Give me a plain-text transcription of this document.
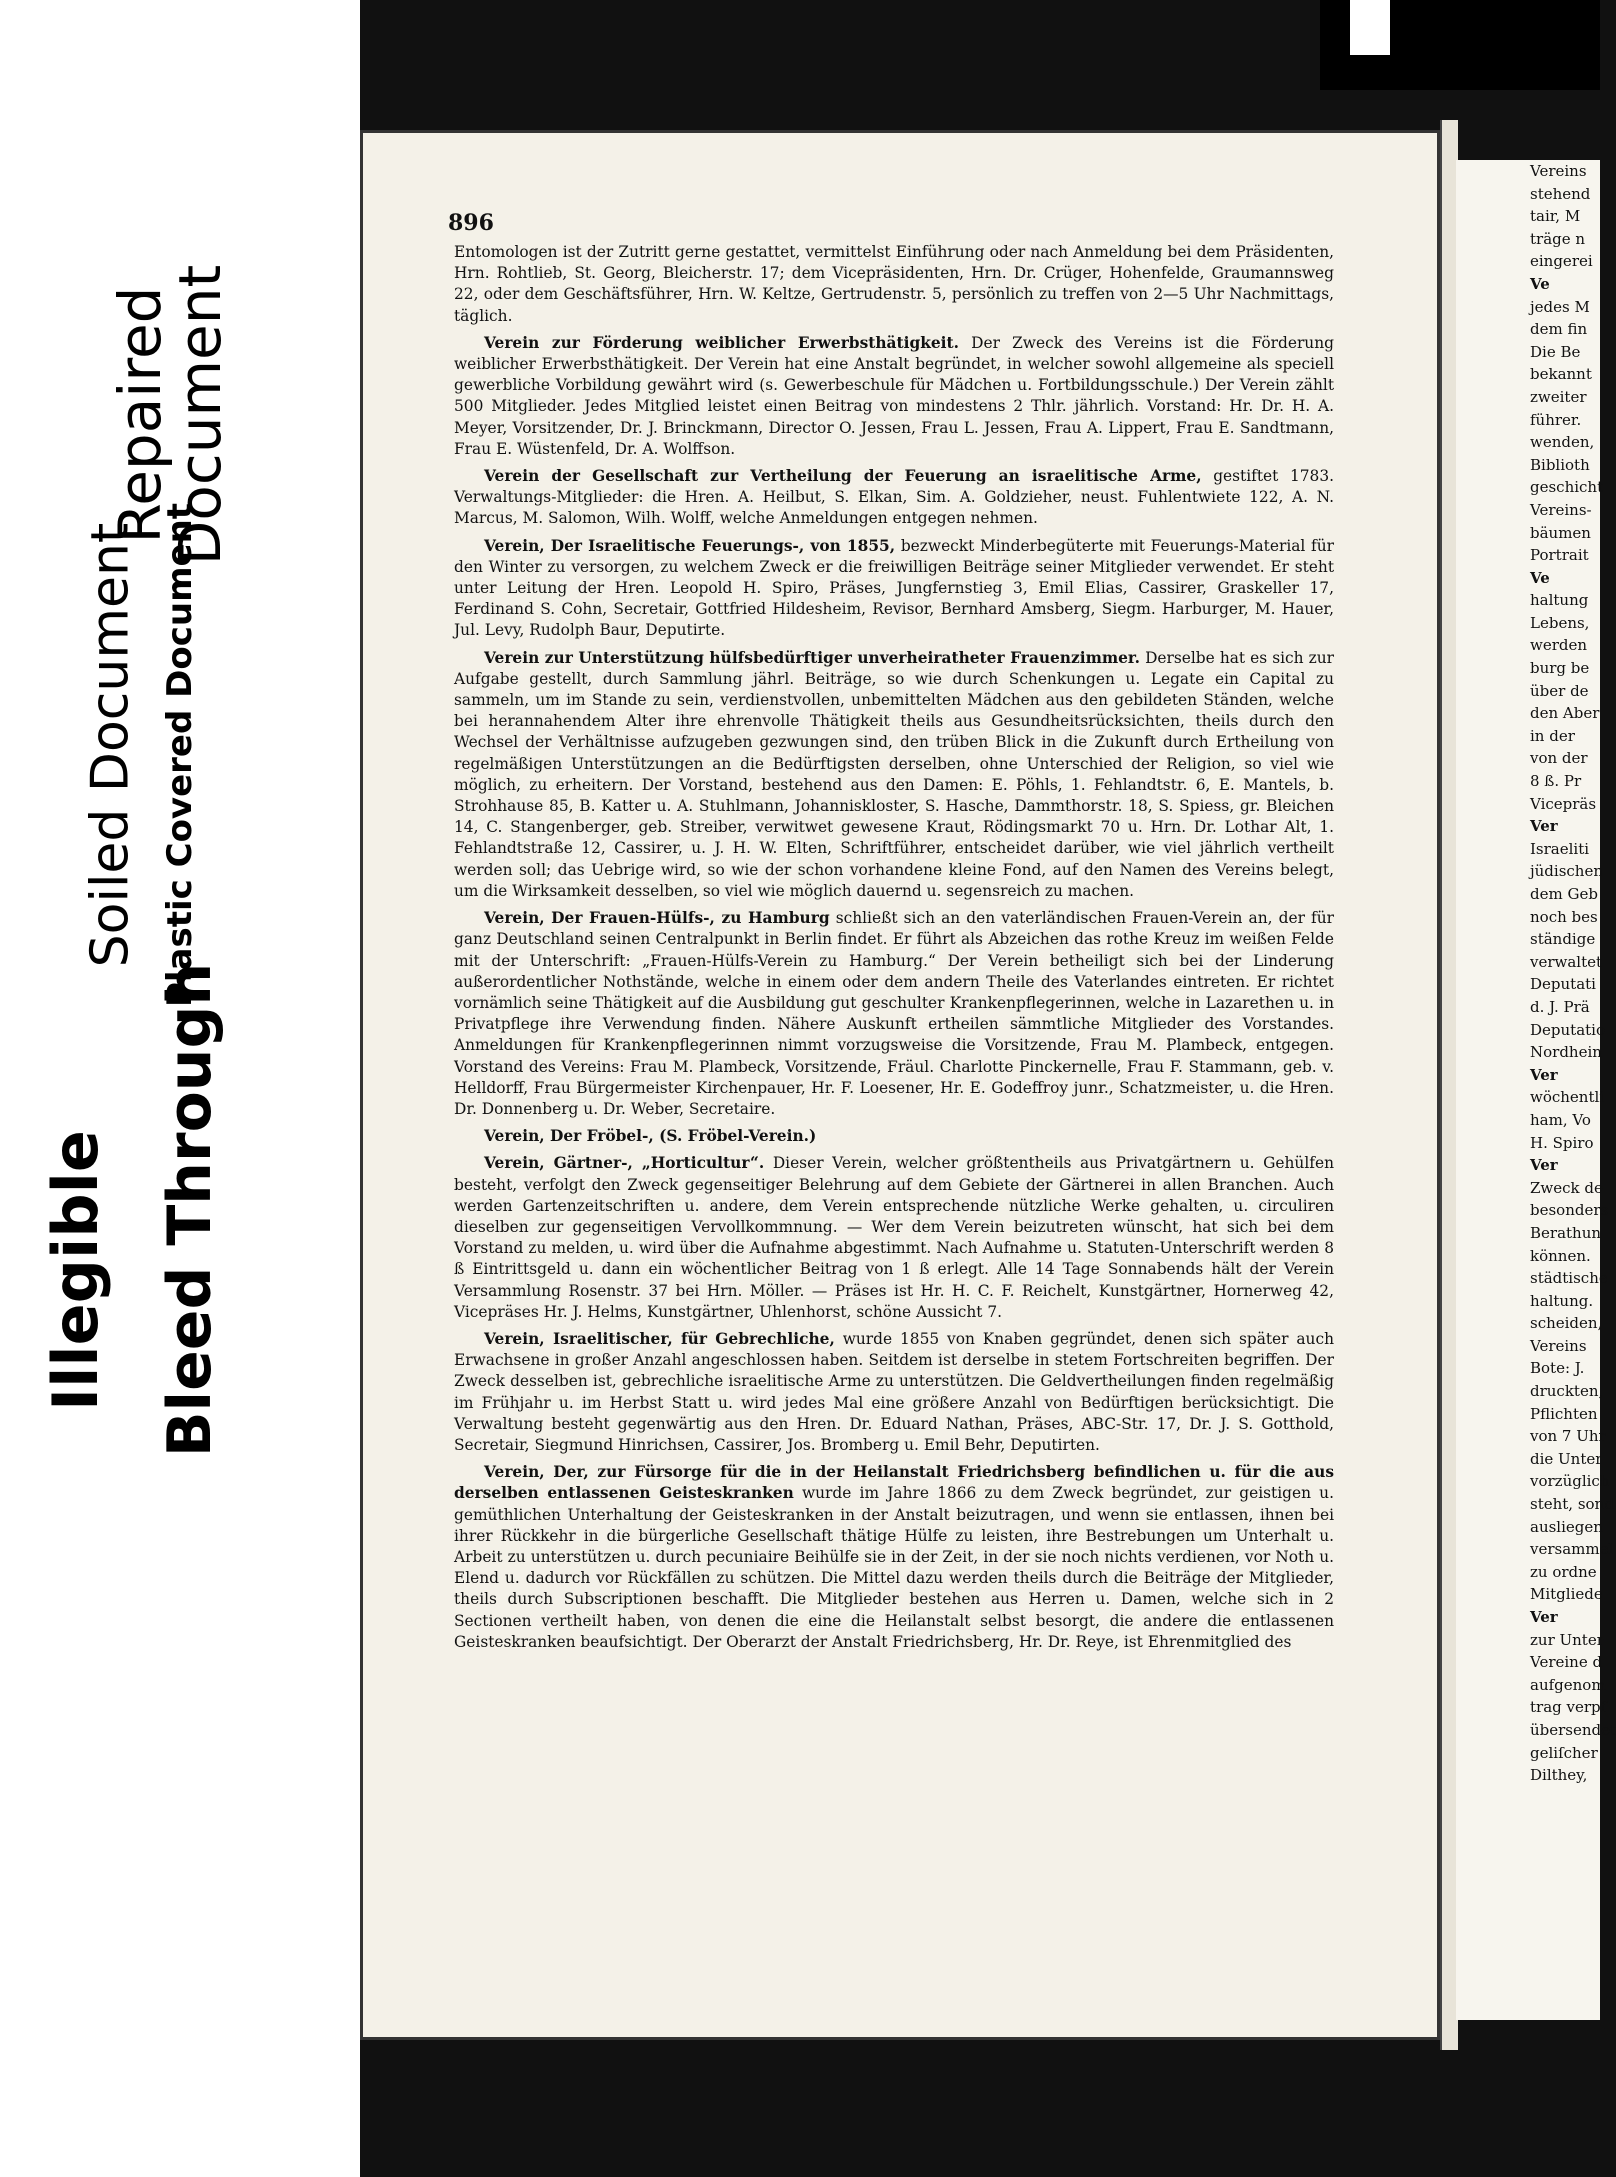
Repaired Document
Soiled Document Plastic Covered Document
Illegible Bleed Through
896
Entomologen ist der Zutritt gerne gestattet, vermittelst Einführung oder nach Anmeldung bei dem Präsidenten, Hrn. Rohtlieb, St. Georg, Bleicherstr. 17; dem Vicepräsidenten, Hrn. Dr. Crüger, Hohenfelde, Graumannsweg 22, oder dem Geschäftsführer, Hrn. W. Keltze, Gertrudenstr. 5, persönlich zu treffen von 2—5 Uhr Nachmittags, täglich.
Verein zur Förderung weiblicher Erwerbsthätigkeit. Der Zweck des Vereins ist die Förderung weiblicher Erwerbsthätigkeit. Der Verein hat eine Anstalt begründet, in welcher sowohl allgemeine als speciell gewerbliche Vorbildung gewährt wird (s. Gewerbeschule für Mädchen u. Fortbildungsschule.) Der Verein zählt 500 Mitglieder. Jedes Mitglied leistet einen Beitrag von mindestens 2 Thlr. jährlich. Vorstand: Hr. Dr. H. A. Meyer, Vorsitzender, Dr. J. Brinckmann, Director O. Jessen, Frau L. Jessen, Frau A. Lippert, Frau E. Sandtmann, Frau E. Wüstenfeld, Dr. A. Wolffson.
Verein der Gesellschaft zur Vertheilung der Feuerung an israelitische Arme, gestiftet 1783. Verwaltungs-Mitglieder: die Hren. A. Heilbut, S. Elkan, Sim. A. Goldzieher, neust. Fuhlentwiete 122, A. N. Marcus, M. Salomon, Wilh. Wolff, welche Anmeldungen entgegen nehmen.
Verein, Der Israelitische Feuerungs-, von 1855, bezweckt Minderbegüterte mit Feuerungs-Material für den Winter zu versorgen, zu welchem Zweck er die freiwilligen Beiträge seiner Mitglieder verwendet. Er steht unter Leitung der Hren. Leopold H. Spiro, Präses, Jungfernstieg 3, Emil Elias, Cassirer, Graskeller 17, Ferdinand S. Cohn, Secretair, Gottfried Hildesheim, Revisor, Bernhard Amsberg, Siegm. Harburger, M. Hauer, Jul. Levy, Rudolph Baur, Deputirte.
Verein zur Unterstützung hülfsbedürftiger unverheiratheter Frauenzimmer. Derselbe hat es sich zur Aufgabe gestellt, durch Sammlung jährl. Beiträge, so wie durch Schenkungen u. Legate ein Capital zu sammeln, um im Stande zu sein, verdienstvollen, unbemittelten Mädchen aus den gebildeten Ständen, welche bei herannahendem Alter ihre ehrenvolle Thätigkeit theils aus Gesundheitsrücksichten, theils durch den Wechsel der Verhältnisse aufzugeben gezwungen sind, den trüben Blick in die Zukunft durch Ertheilung von regelmäßigen Unterstützungen an die Bedürftigsten derselben, ohne Unterschied der Religion, so viel wie möglich, zu erheitern. Der Vorstand, bestehend aus den Damen: E. Pöhls, 1. Fehlandtstr. 6, E. Mantels, b. Strohhause 85, B. Katter u. A. Stuhlmann, Johanniskloster, S. Hasche, Dammthorstr. 18, S. Spiess, gr. Bleichen 14, C. Stangenberger, geb. Streiber, verwitwet gewesene Kraut, Rödingsmarkt 70 u. Hrn. Dr. Lothar Alt, 1. Fehlandtstraße 12, Cassirer, u. J. H. W. Elten, Schriftführer, entscheidet darüber, wie viel jährlich vertheilt werden soll; das Uebrige wird, so wie der schon vorhandene kleine Fond, auf den Namen des Vereins belegt, um die Wirksamkeit desselben, so viel wie möglich dauernd u. segensreich zu machen.
Verein, Der Frauen-Hülfs-, zu Hamburg schließt sich an den vaterländischen Frauen-Verein an, der für ganz Deutschland seinen Centralpunkt in Berlin findet. Er führt als Abzeichen das rothe Kreuz im weißen Felde mit der Unterschrift: „Frauen-Hülfs-Verein zu Hamburg.“ Der Verein betheiligt sich bei der Linderung außerordentlicher Nothstände, welche in einem oder dem andern Theile des Vaterlandes eintreten. Er richtet vornämlich seine Thätigkeit auf die Ausbildung gut geschulter Krankenpflegerinnen, welche in Lazarethen u. in Privatpflege ihre Verwendung finden. Nähere Auskunft ertheilen sämmtliche Mitglieder des Vorstandes. Anmeldungen für Krankenpflegerinnen nimmt vorzugsweise die Vorsitzende, Frau M. Plambeck, entgegen. Vorstand des Vereins: Frau M. Plambeck, Vorsitzende, Fräul. Charlotte Pinckernelle, Frau F. Stammann, geb. v. Helldorff, Frau Bürgermeister Kirchenpauer, Hr. F. Loesener, Hr. E. Godeffroy junr., Schatzmeister, u. die Hren. Dr. Donnenberg u. Dr. Weber, Secretaire.
Verein, Der Fröbel-, (S. Fröbel-Verein.)
Verein, Gärtner-, „Horticultur“. Dieser Verein, welcher größtentheils aus Privatgärtnern u. Gehülfen besteht, verfolgt den Zweck gegenseitiger Belehrung auf dem Gebiete der Gärtnerei in allen Branchen. Auch werden Gartenzeitschriften u. andere, dem Verein entsprechende nützliche Werke gehalten, u. circuliren dieselben zur gegenseitigen Vervollkommnung. — Wer dem Verein beizutreten wünscht, hat sich bei dem Vorstand zu melden, u. wird über die Aufnahme abgestimmt. Nach Aufnahme u. Statuten-Unterschrift werden 8 ß Eintrittsgeld u. dann ein wöchentlicher Beitrag von 1 ß erlegt. Alle 14 Tage Sonnabends hält der Verein Versammlung Rosenstr. 37 bei Hrn. Möller. — Präses ist Hr. H. C. F. Reichelt, Kunstgärtner, Hornerweg 42, Vicepräses Hr. J. Helms, Kunstgärtner, Uhlenhorst, schöne Aussicht 7.
Verein, Israelitischer, für Gebrechliche, wurde 1855 von Knaben gegründet, denen sich später auch Erwachsene in großer Anzahl angeschlossen haben. Seitdem ist derselbe in stetem Fortschreiten begriffen. Der Zweck desselben ist, gebrechliche israelitische Arme zu unterstützen. Die Geldvertheilungen finden regelmäßig im Frühjahr u. im Herbst Statt u. wird jedes Mal eine größere Anzahl von Bedürftigen berücksichtigt. Die Verwaltung besteht gegenwärtig aus den Hren. Dr. Eduard Nathan, Präses, ABC-Str. 17, Dr. J. S. Gotthold, Secretair, Siegmund Hinrichsen, Cassirer, Jos. Bromberg u. Emil Behr, Deputirten.
Verein, Der, zur Fürsorge für die in der Heilanstalt Friedrichsberg befindlichen u. für die aus derselben entlassenen Geisteskranken wurde im Jahre 1866 zu dem Zweck begründet, zur geistigen u. gemüthlichen Unterhaltung der Geisteskranken in der Anstalt beizutragen, und wenn sie entlassen, ihnen bei ihrer Rückkehr in die bürgerliche Gesellschaft thätige Hülfe zu leisten, ihre Bestrebungen um Unterhalt u. Arbeit zu unterstützen u. durch pecuniaire Beihülfe sie in der Zeit, in der sie noch nichts verdienen, vor Noth u. Elend u. dadurch vor Rückfällen zu schützen. Die Mittel dazu werden theils durch die Beiträge der Mitglieder, theils durch Subscriptionen beschafft. Die Mitglieder bestehen aus Herren u. Damen, welche sich in 2 Sectionen vertheilt haben, von denen die eine die Heilanstalt selbst besorgt, die andere die entlassenen Geisteskranken beaufsichtigt. Der Oberarzt der Anstalt Friedrichsberg, Hr. Dr. Reye, ist Ehrenmitglied des
Vereins
stehend
tair, M
träge n
eingerei
Ve
jedes M
dem fin
Die Be
bekannt
zweiter
führer.
wenden,
Biblioth
geschicht
Vereins-
bäumen
Portrait
Ve
haltung
Lebens,
werden
burg be
über de
den Aber
in der
von der
8 ß. Pr
Vicepräs
Ver
Israeliti
jüdischen
dem Geb
noch bes
ständige
verwaltet
Deputati
d. J. Prä
Deputatio
Nordhein
Ver
wöchentli
ham, Vo
H. Spiro
Ver
Zweck de
besonders
Berathun
können.
städtische
haltung.
scheiden,
Vereins
Bote: J.
druckten,
Pflichten
von 7 Uhr
die Unter
vorzüglich
steht, sond
ausliegen
versammel
zu ordne
Mitgliede
Ver
zur Unter
Vereine d
aufgenom
trag verpf
übersendet
geliſcher
Dilthey,
